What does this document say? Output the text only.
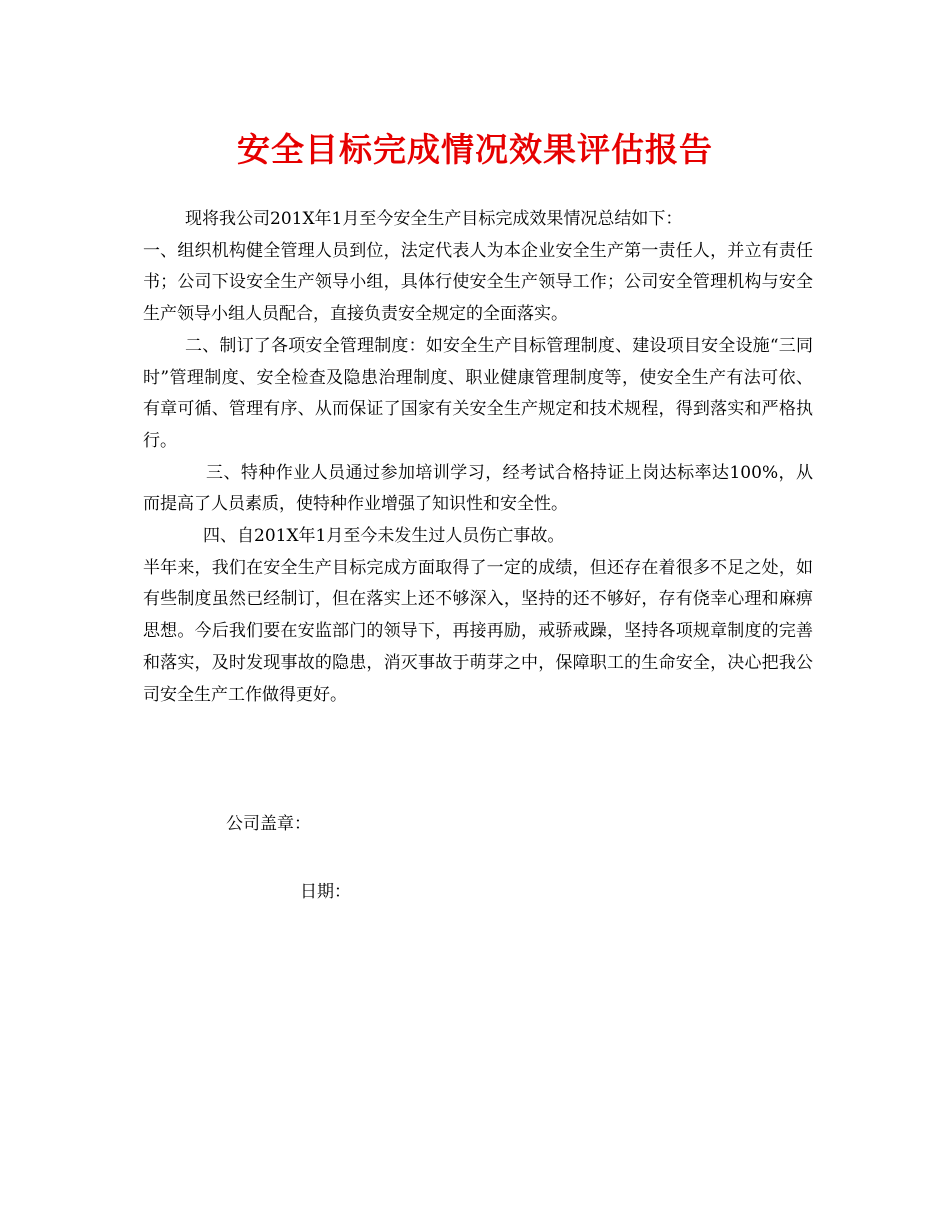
安全目标完成情况效果评估报告

现将我公司201X年1月至今安全生产目标完成效果情况总结如下：

一、组织机构健全管理人员到位，法定代表人为本企业安全生产第一责任人，并立有责任书；公司下设安全生产领导小组，具体行使安全生产领导工作；公司安全管理机构与安全生产领导小组人员配合，直接负责安全规定的全面落实。

二、制订了各项安全管理制度：如安全生产目标管理制度、建设项目安全设施“三同时”管理制度、安全检查及隐患治理制度、职业健康管理制度等，使安全生产有法可依、有章可循、管理有序、从而保证了国家有关安全生产规定和技术规程，得到落实和严格执行。

三、特种作业人员通过参加培训学习，经考试合格持证上岗达标率达100%，从而提高了人员素质，使特种作业增强了知识性和安全性。

四、自201X年1月至今未发生过人员伤亡事故。

半年来，我们在安全生产目标完成方面取得了一定的成绩，但还存在着很多不足之处，如有些制度虽然已经制订，但在落实上还不够深入，坚持的还不够好，存有侥幸心理和麻痹思想。今后我们要在安监部门的领导下，再接再励，戒骄戒躁，坚持各项规章制度的完善和落实，及时发现事故的隐患，消灭事故于萌芽之中，保障职工的生命安全，决心把我公司安全生产工作做得更好。

公司盖章：

日期：
